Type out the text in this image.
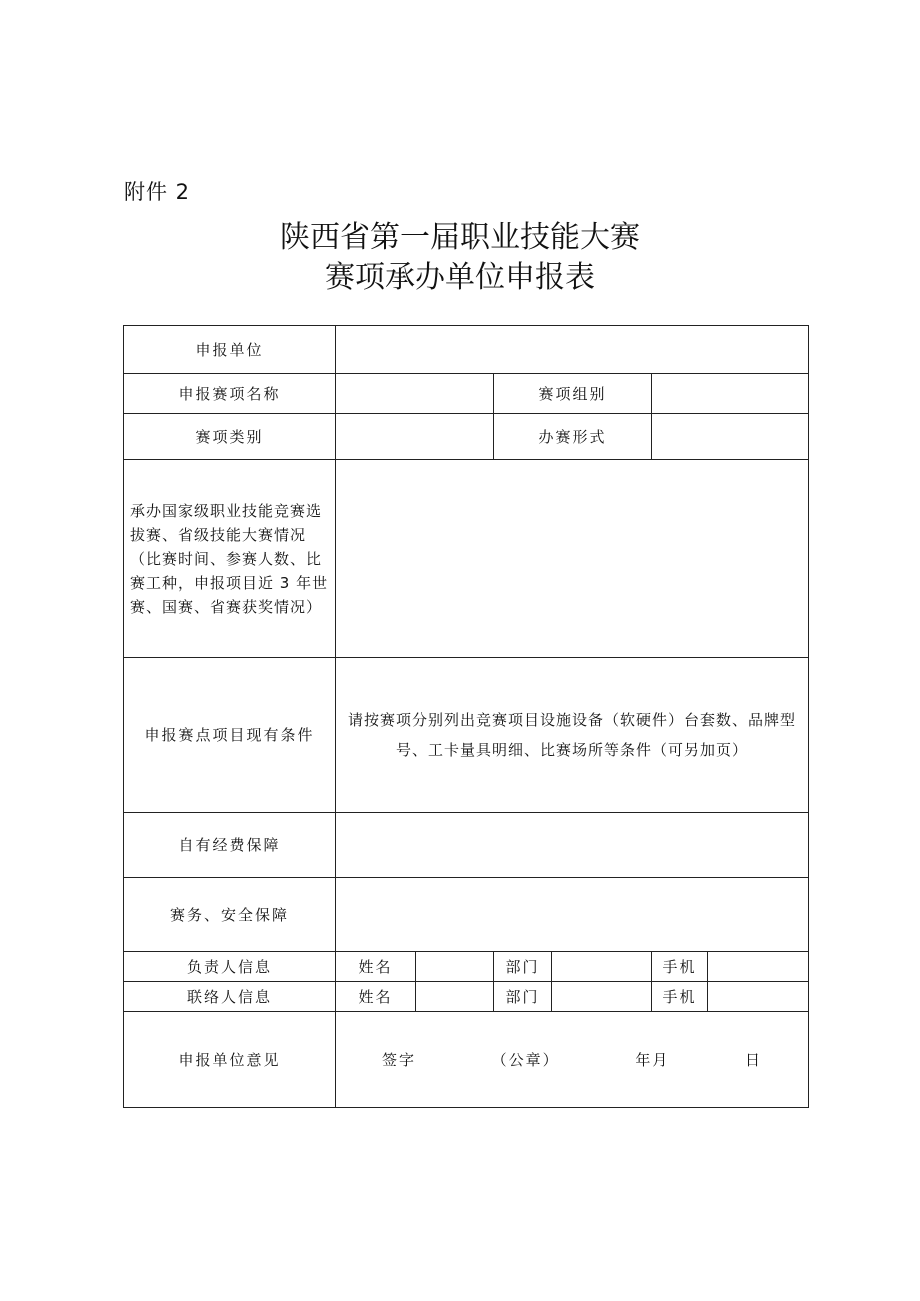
附件 2
陕西省第一届职业技能大赛
赛项承办单位申报表
申报单位						
申报赛项名称			赛项组别			
赛项类别			办赛形式			
承办国家级职业技能竞赛选拔赛、省级技能大赛情况（比赛时间、参赛人数、比赛工种，申报项目近 3 年世赛、国赛、省赛获奖情况）						
申报赛点项目现有条件	请按赛项分别列出竞赛项目设施设备（软硬件）台套数、品牌型号、工卡量具明细、比赛场所等条件（可另加页）					
自有经费保障						
赛务、安全保障						
负责人信息	姓名		部门		手机	
联络人信息	姓名		部门		手机	
申报单位意见	签字 （公章） 年月 日					
